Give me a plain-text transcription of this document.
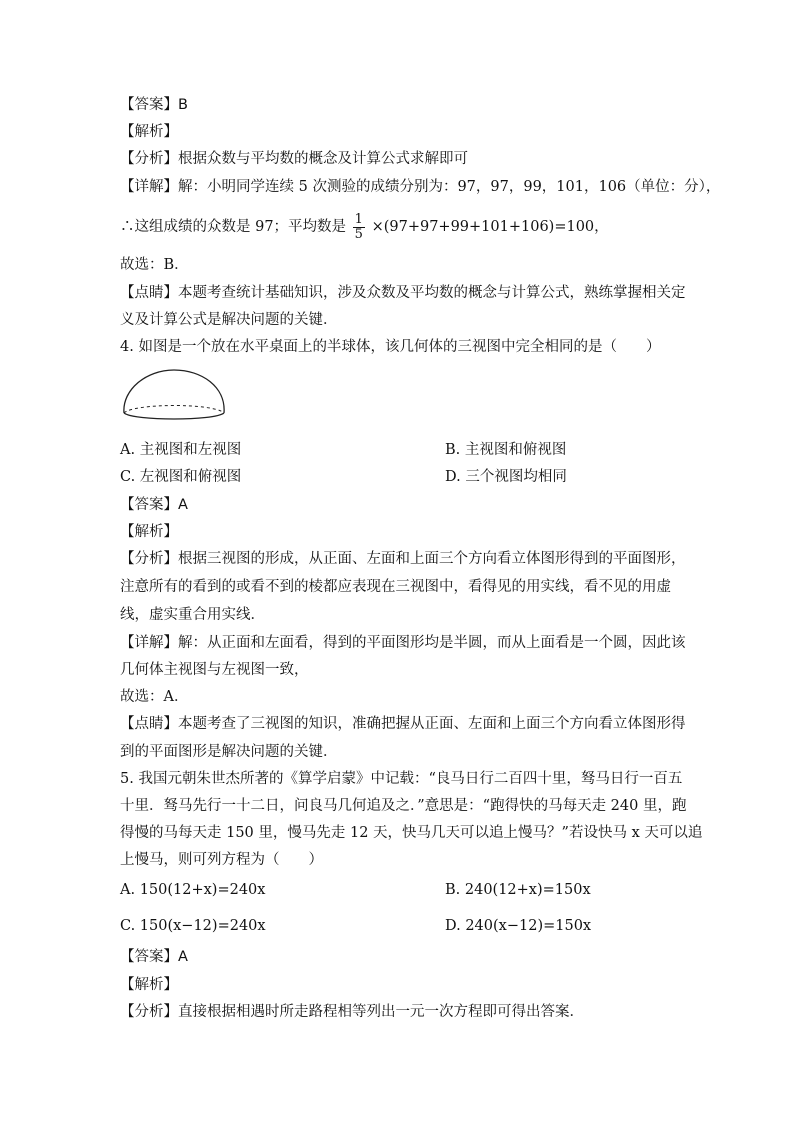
【答案】B
【解析】
【分析】根据众数与平均数的概念及计算公式求解即可
【详解】解：小明同学连续 5 次测验的成绩分别为：97，97，99，101，106（单位：分），
∴这组成绩的众数是 97；平均数是 $\frac{1}{5} \times(97+97+99+101+106)=100$，
故选：B．
【点睛】本题考查统计基础知识，涉及众数及平均数的概念与计算公式，熟练掌握相关定
义及计算公式是解决问题的关键．
4. 如图是一个放在水平桌面上的半球体，该几何体的三视图中完全相同的是（　　）
A. 主视图和左视图	B. 主视图和俯视图
C. 左视图和俯视图	D. 三个视图均相同
【答案】A
【解析】
【分析】根据三视图的形成，从正面、左面和上面三个方向看立体图形得到的平面图形，
注意所有的看到的或看不到的棱都应表现在三视图中，看得见的用实线，看不见的用虚
线，虚实重合用实线．
【详解】解：从正面和左面看，得到的平面图形均是半圆，而从上面看是一个圆，因此该
几何体主视图与左视图一致，
故选：A．
【点睛】本题考查了三视图的知识，准确把握从正面、左面和上面三个方向看立体图形得
到的平面图形是解决问题的关键．
5. 我国元朝朱世杰所著的《算学启蒙》中记载：“良马日行二百四十里，驽马日行一百五
十里．驽马先行一十二日，问良马几何追及之．”意思是：“跑得快的马每天走 240 里，跑
得慢的马每天走 150 里，慢马先走 12 天，快马几天可以追上慢马？”若设快马 x 天可以追
上慢马，则可列方程为（　　）
A. 150(12+x)=240x	B. 240(12+x)=150x
C. 150(x−12)=240x	D. 240(x−12)=150x
【答案】A
【解析】
【分析】直接根据相遇时所走路程相等列出一元一次方程即可得出答案．
